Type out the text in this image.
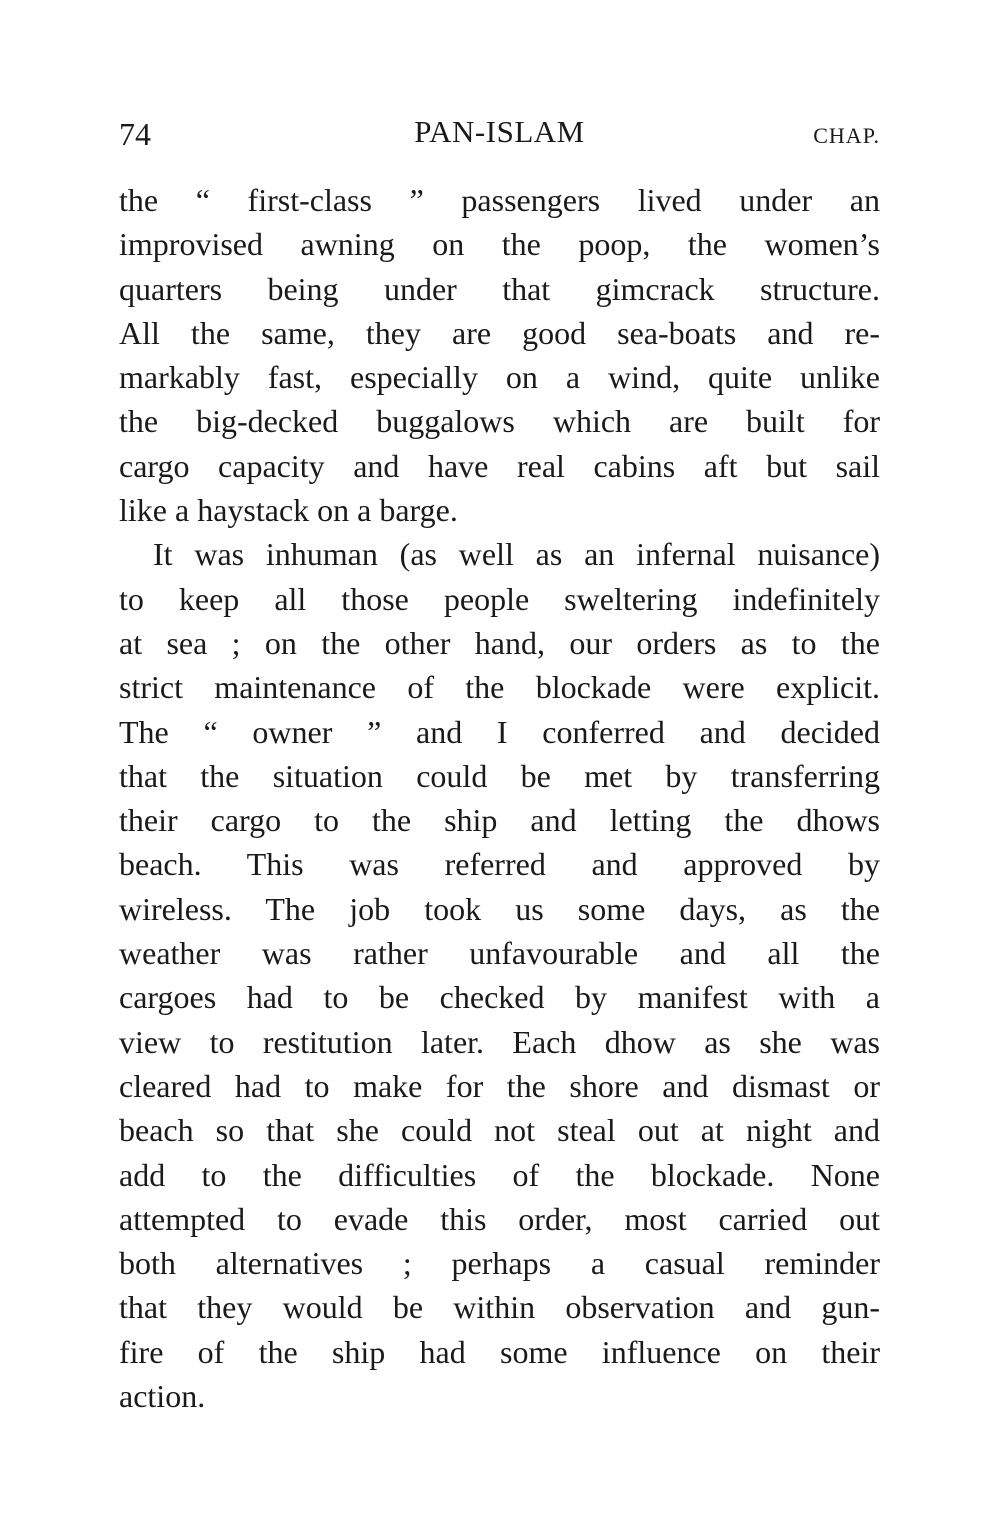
74	PAN-ISLAM	CHAP.
the “ first-class ” passengers lived under an
improvised awning on the poop, the women’s
quarters being under that gimcrack structure.
All the same, they are good sea-boats and re-
markably fast, especially on a wind, quite unlike
the big-decked buggalows which are built for
cargo capacity and have real cabins aft but sail
like a haystack on a barge.
It was inhuman (as well as an infernal nuisance)
to keep all those people sweltering indefinitely
at sea ; on the other hand, our orders as to the
strict maintenance of the blockade were explicit.
The “ owner ” and I conferred and decided
that the situation could be met by transferring
their cargo to the ship and letting the dhows
beach. This was referred and approved by
wireless. The job took us some days, as the
weather was rather unfavourable and all the
cargoes had to be checked by manifest with a
view to restitution later. Each dhow as she was
cleared had to make for the shore and dismast or
beach so that she could not steal out at night and
add to the difficulties of the blockade. None
attempted to evade this order, most carried out
both alternatives ; perhaps a casual reminder
that they would be within observation and gun-
fire of the ship had some influence on their
action.
